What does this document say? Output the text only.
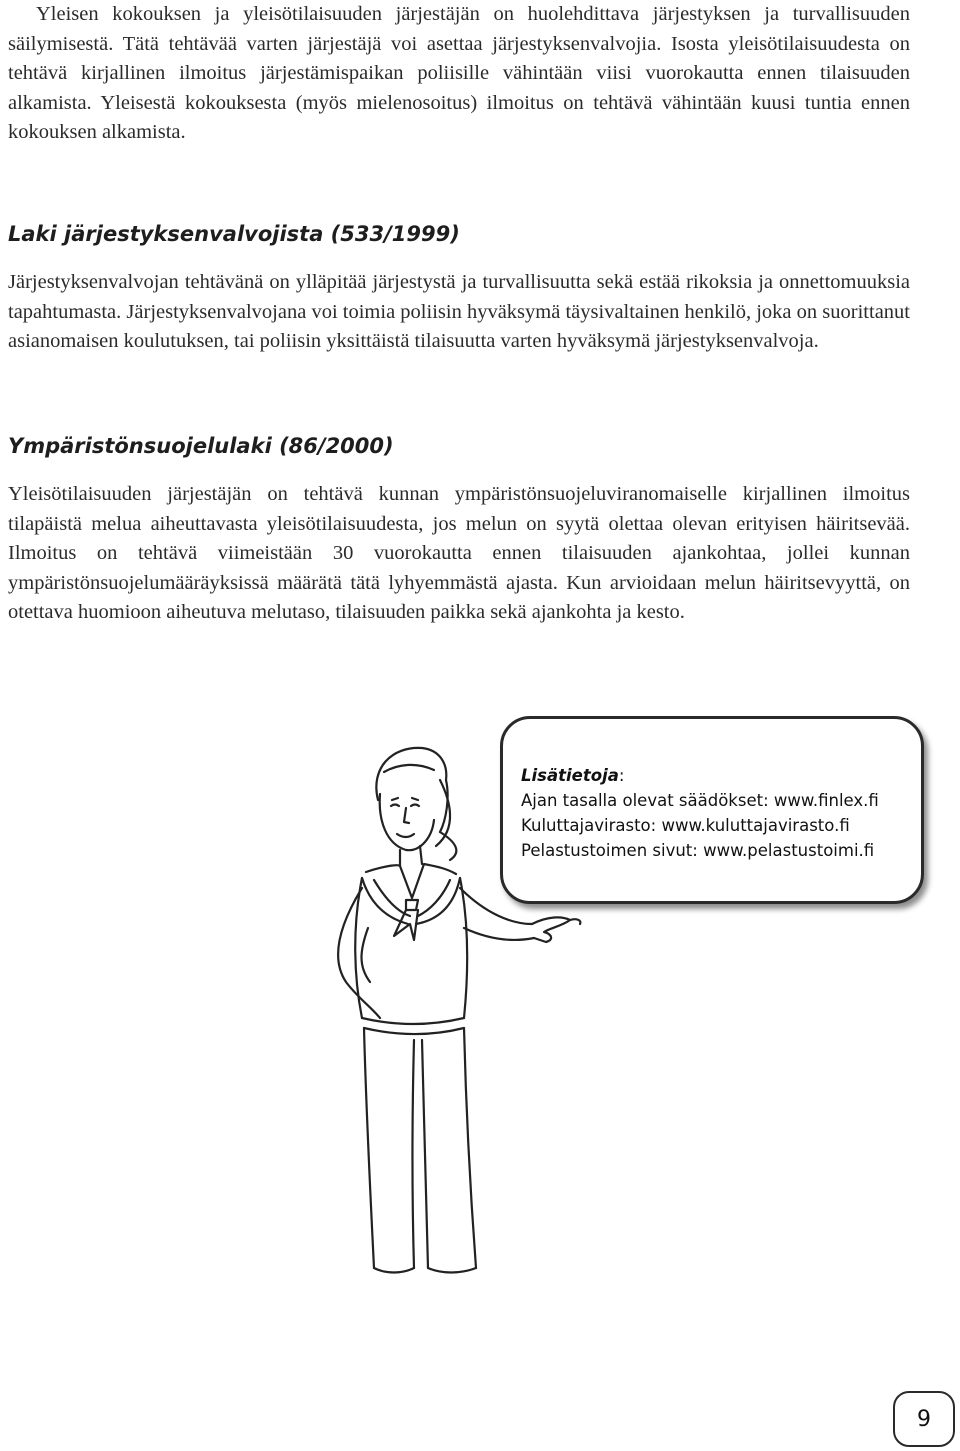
Yleisen kokouksen ja yleisötilaisuuden järjestäjän on huolehdittava järjestyksen ja turvallisuuden säilymisestä. Tätä tehtävää varten järjestäjä voi asettaa järjestyksenvalvojia. Isosta yleisötilaisuudesta on tehtävä kirjallinen ilmoitus järjestämispaikan poliisille vähintään viisi vuorokautta ennen tilaisuuden alkamista. Yleisestä kokouksesta (myös mielenosoitus) ilmoitus on tehtävä vähintään kuusi tuntia ennen kokouksen alkamista.

Laki järjestyksenvalvojista (533/1999)

Järjestyksenvalvojan tehtävänä on ylläpitää järjestystä ja turvallisuutta sekä estää rikoksia ja onnettomuuksia tapahtumasta. Järjestyksenvalvojana voi toimia poliisin hyväksymä täysivaltainen henkilö, joka on suorittanut asianomaisen koulutuksen, tai poliisin yksittäistä tilaisuutta varten hyväksymä järjestyksenvalvoja.

Ympäristönsuojelulaki (86/2000)

Yleisötilaisuuden järjestäjän on tehtävä kunnan ympäristönsuojeluviranomaiselle kirjallinen ilmoitus tilapäistä melua aiheuttavasta yleisötilaisuudesta, jos melun on syytä olettaa olevan erityisen häiritsevää. Ilmoitus on tehtävä viimeistään 30 vuorokautta ennen tilaisuuden ajankohtaa, jollei kunnan ympäristönsuojelumääräyksissä määrätä tätä lyhyemmästä ajasta. Kun arvioidaan melun häiritsevyyttä, on otettava huomioon aiheutuva melutaso, tilaisuuden paikka sekä ajankohta ja kesto.

Lisätietoja:
Ajan tasalla olevat säädökset: www.finlex.fi
Kuluttajavirasto: www.kuluttajavirasto.fi
Pelastustoimen sivut: www.pelastustoimi.fi
9
